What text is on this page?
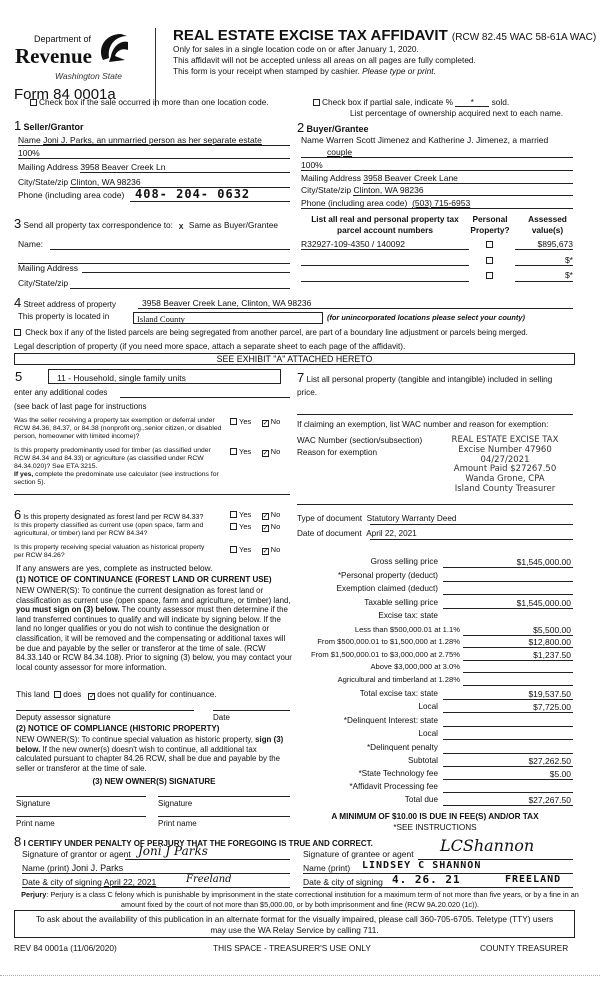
Department of
Revenue
Washington State
Form 84 0001a
REAL ESTATE EXCISE TAX AFFIDAVIT (RCW 82.45 WAC 58-61A WAC)
Only for sales in a single location code on or after January 1, 2020.
This affidavit will not be accepted unless all areas on all pages are fully completed.
This form is your receipt when stamped by cashier. Please type or print.
Check box if the sale occurred in more than one location code.	Check box if partial sale, indicate % * sold.
List percentage of ownership acquired next to each name.
1 Seller/Grantor
Name Joni J. Parks, an unmarried person as her separate estate
100%
Mailing Address 3958 Beaver Creek Ln
City/State/zip Clinton, WA 98236
Phone (including area code) 408- 204- 0632
2 Buyer/Grantee
Name Warren Scott Jimenez and Katherine J. Jimenez, a married
couple
100%
Mailing Address 3958 Beaver Creek Lane
City/State/zip Clinton, WA 98236
Phone (including area code) (503) 715-6953
3 Send all property tax correspondence to: X Same as Buyer/Grantee
Name:
Mailing Address
City/State/zip
List all real and personal property tax
parcel account numbers
Personal
Property?
Assessed
value(s)
R32927-109-4350 / 140092	$895,673
$*
$*
4 Street address of property	3958 Beaver Creek Lane, Clinton, WA 98236
This property is located in	Island County	(for unincorporated locations please select your county)
Check box if any of the listed parcels are being segregated from another parcel, are part of a boundary line adjustment or parcels being merged.
Legal description of property (if you need more space, attach a separate sheet to each page of the affidavit).
SEE EXHIBIT "A" ATTACHED HERETO
5	11 - Household, single family units
enter any additional codes
(see back of last page for instructions
Was the seller receiving a property tax exemption or deferral under RCW 84.36, 84.37, or 84.38 (nonprofit org.,senior citizen, or disabled person, homeowner with limited income)?
Yes ✓ No
Is this property predominantly used for timber (as classified under RCW 84.34 and 84.33) or agriculture (as classified under RCW 84.34.020)? See ETA 3215.
If yes, complete the predominate use calculator (see instructions for section 5).
Yes ✓ No
6 Is this property designated as forest land per RCW 84.33?	Yes ✓ No
Is this property classified as current use (open space, farm and agricultural, or timber) land per RCW 84.34?
Yes ✓ No
Is this property receiving special valuation as historical property per RCW 84.26?
Yes ✓ No
If any answers are yes, complete as instructed below.
(1) NOTICE OF CONTINUANCE (FOREST LAND OR CURRENT USE)
NEW OWNER(S): To continue the current designation as forest land or classification as current use (open space, farm and agriculture, or timber) land, you must sign on (3) below. The county assessor must then determine if the land transferred continues to qualify and will indicate by signing below. If the land no longer qualifies or you do not wish to continue the designation or classification, it will be removed and the compensating or additional taxes will be due and payable by the seller or transferor at the time of sale. (RCW 84.33.140 or RCW 84.34.108). Prior to signing (3) below, you may contact your local county assessor for more information.
This land does ✓ does not qualify for continuance.
Deputy assessor signature	Date
(2) NOTICE OF COMPLIANCE (HISTORIC PROPERTY)
NEW OWNER(S): To continue special valuation as historic property, sign (3) below. If the new owner(s) doesn't wish to continue, all additional tax calculated pursuant to chapter 84.26 RCW, shall be due and payable by the seller or transferor at the time of sale.
(3) NEW OWNER(S) SIGNATURE
Signature	Signature
Print name	Print name
7 List all personal property (tangible and intangible) included in selling price.
If claiming an exemption, list WAC number and reason for exemption:
WAC Number (section/subsection)
Reason for exemption
REAL ESTATE EXCISE TAX
Excise Number 47960
04/27/2021
Amount Paid $27267.50
Wanda Grone, CPA
Island County Treasurer
Type of document Statutory Warranty Deed
Date of document April 22, 2021
Gross selling price	$1,545,000.00
*Personal property (deduct)
Exemption claimed (deduct)
Taxable selling price	$1,545,000.00
Excise tax: state
Less than $500,000.01 at 1.1%	$5,500.00
From $500,000.01 to $1,500,000 at 1.28%	$12,800.00
From $1,500,000.01 to $3,000,000 at 2.75%	$1,237.50
Above $3,000,000 at 3.0%
Agricultural and timberland at 1.28%
Total excise tax: state	$19,537.50
Local	$7,725.00
*Delinquent Interest: state
Local
*Delinquent penalty
Subtotal	$27,262.50
*State Technology fee	$5.00
*Affidavit Processing fee
Total due	$27,267.50
A MINIMUM OF $10.00 IS DUE IN FEE(S) AND/OR TAX
*SEE INSTRUCTIONS
8 I CERTIFY UNDER PENALTY OF PERJURY THAT THE FOREGOING IS TRUE AND CORRECT.
Signature of grantor or agent Joni J Parks
Name (print) Joni J. Parks
Date & city of signing April 22, 2021	Freeland
Signature of grantee or agent LCShannon
Name (print) LINDSEY C SHANNON
Date & city of signing 4. 26. 21	FREELAND
Perjury: Perjury is a class C felony which is punishable by imprisonment in the state correctional institution for a maximum term of not more than five years, or by a fine in an amount fixed by the court of not more than $5,000.00, or by both imprisonment and fine (RCW 9A.20.020 (1c)).
To ask about the availability of this publication in an alternate format for the visually impaired, please call 360-705-6705. Teletype (TTY) users may use the WA Relay Service by calling 711.
REV 84 0001a (11/06/2020)	THIS SPACE - TREASURER'S USE ONLY	COUNTY TREASURER
